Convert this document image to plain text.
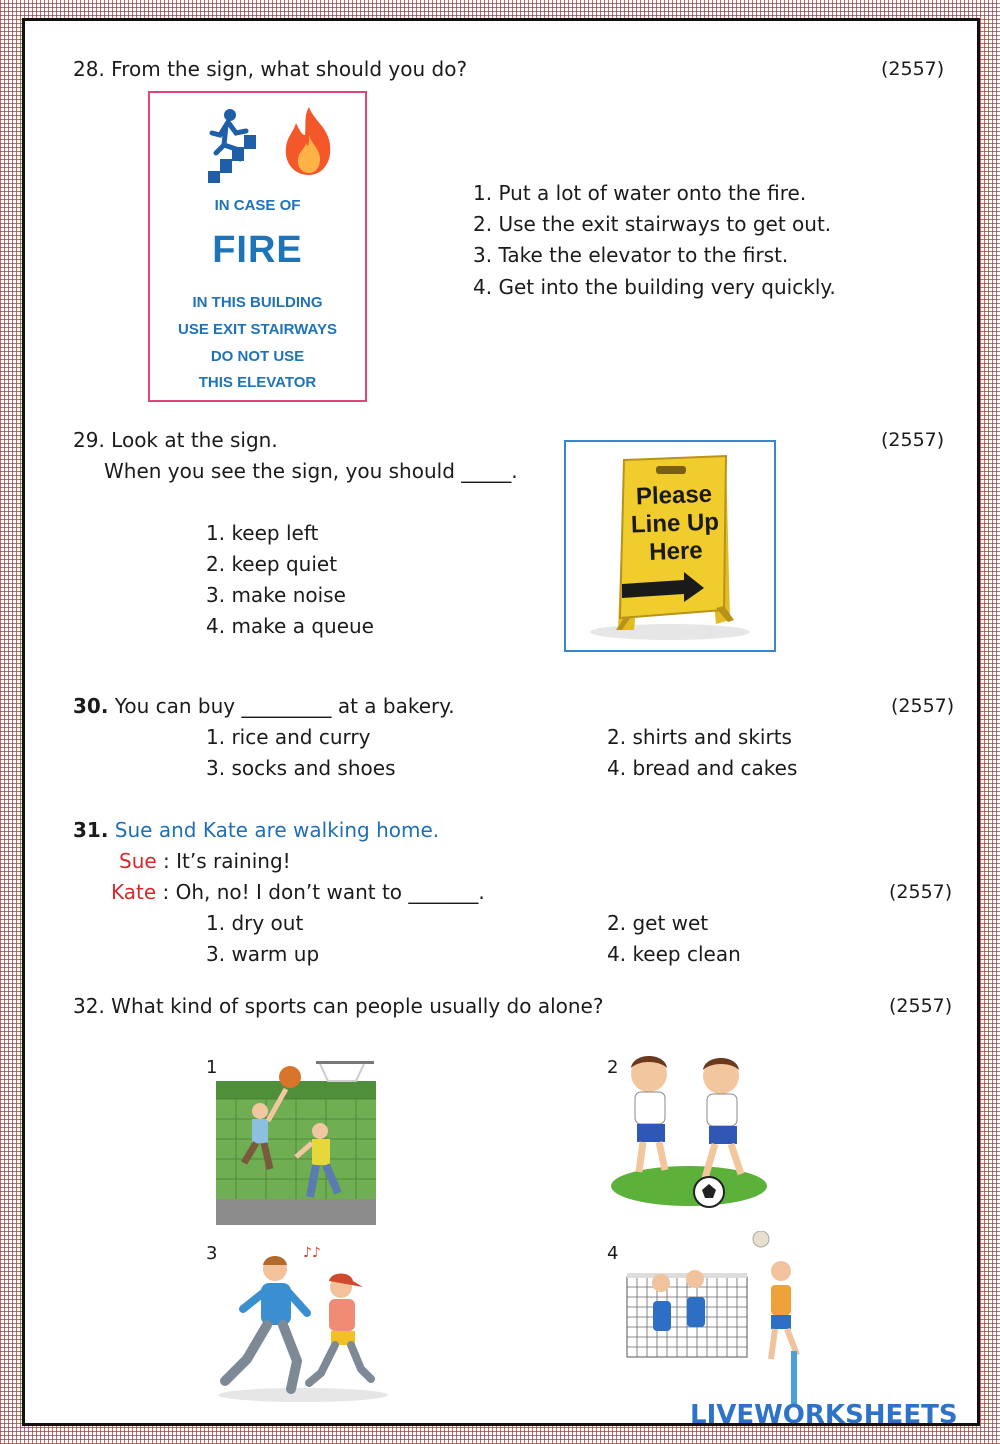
28. From the sign, what should you do?	(2557)
IN CASE OF
FIRE
IN THIS BUILDING
USE EXIT STAIRWAYS
DO NOT USE
THIS ELEVATOR
1. Put a lot of water onto the fire.
2. Use the exit stairways to get out.
3. Take the elevator to the first.
4. Get into the building very quickly.
29. Look at the sign.	(2557)
When you see the sign, you should _____.
1. keep left
2. keep quiet
3. make noise
4. make a queue
Please
Line Up
Here
30. You can buy _________ at a bakery.	(2557)
1. rice and curry	2. shirts and skirts
3. socks and shoes	4. bread and cakes
31. Sue and Kate are walking home.
Sue : It’s raining!
Kate : Oh, no! I don’t want to _______.	(2557)
1. dry out	2. get wet
3. warm up	4. keep clean
32. What kind of sports can people usually do alone?	(2557)
1	2
3	♪♪	4
LIVEWORKSHEETS
